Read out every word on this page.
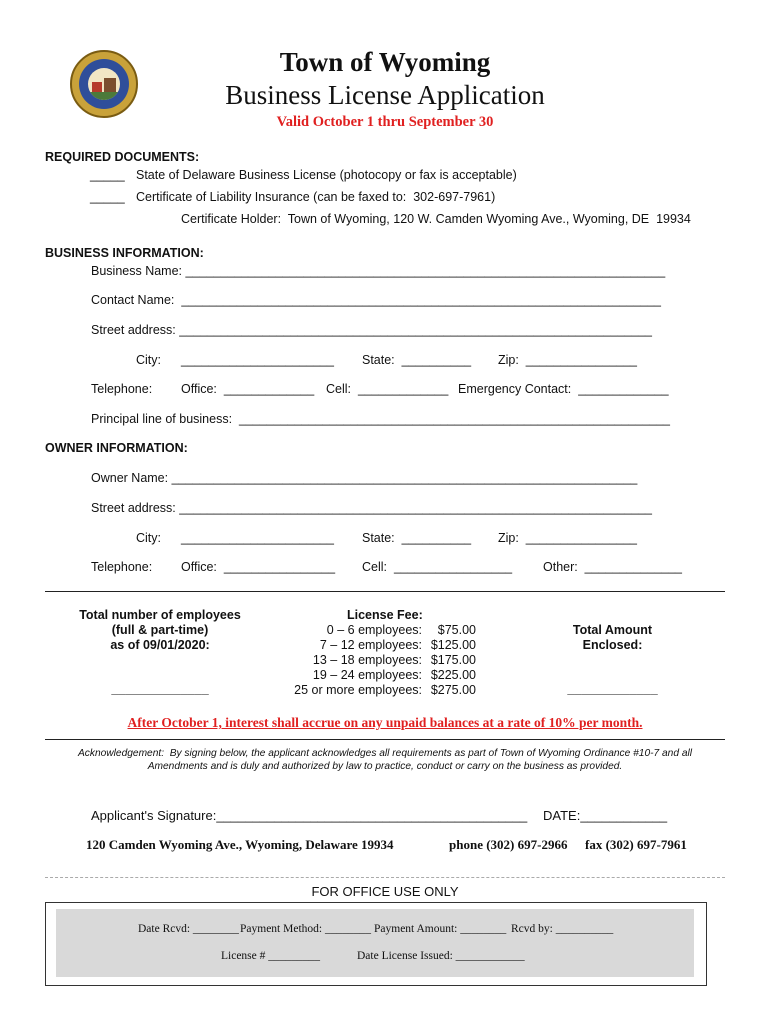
Town of Wyoming
Business License Application
Valid October 1 thru September 30
REQUIRED DOCUMENTS:
_____ State of Delaware Business License (photocopy or fax is acceptable)
_____ Certificate of Liability Insurance (can be faxed to:  302-697-7961)
Certificate Holder:  Town of Wyoming, 120 W. Camden Wyoming Ave., Wyoming, DE  19934
BUSINESS INFORMATION:
Business Name: _____________________________________________________________________
Contact Name:  _____________________________________________________________________
Street address: ____________________________________________________________________
City: ______________________ State:  __________ Zip:  ________________
Telephone: Office:  _____________ Cell:  _____________ Emergency Contact:  _____________
Principal line of business:  ______________________________________________________________
OWNER INFORMATION:
Owner Name: ___________________________________________________________________
Street address: ____________________________________________________________________
City: ______________________ State:  __________ Zip:  ________________
Telephone: Office:  ________________ Cell:  _________________ Other:  ______________
Total number of employees
(full & part-time)
as of 09/01/2020:
______________
License Fee:
0 – 6 employees:	$75.00
7 – 12 employees: $125.00
13 – 18 employees: $175.00
19 – 24 employees: $225.00
25 or more employees: $275.00
Total Amount
Enclosed:
_____________
After October 1, interest shall accrue on any unpaid balances at a rate of 10% per month.
Acknowledgement:  By signing below, the applicant acknowledges all requirements as part of Town of Wyoming Ordinance #10-7 and all
Amendments and is duly and authorized by law to practice, conduct or carry on the business as provided.
Applicant's Signature:___________________________________________ DATE:____________
120 Camden Wyoming Ave., Wyoming, Delaware 19934	phone (302) 697-2966 fax (302) 697-7961
FOR OFFICE USE ONLY
Date Rcvd: ________ Payment Method: ________ Payment Amount: ________ Rcvd by: __________
License # _________	Date License Issued: ____________
